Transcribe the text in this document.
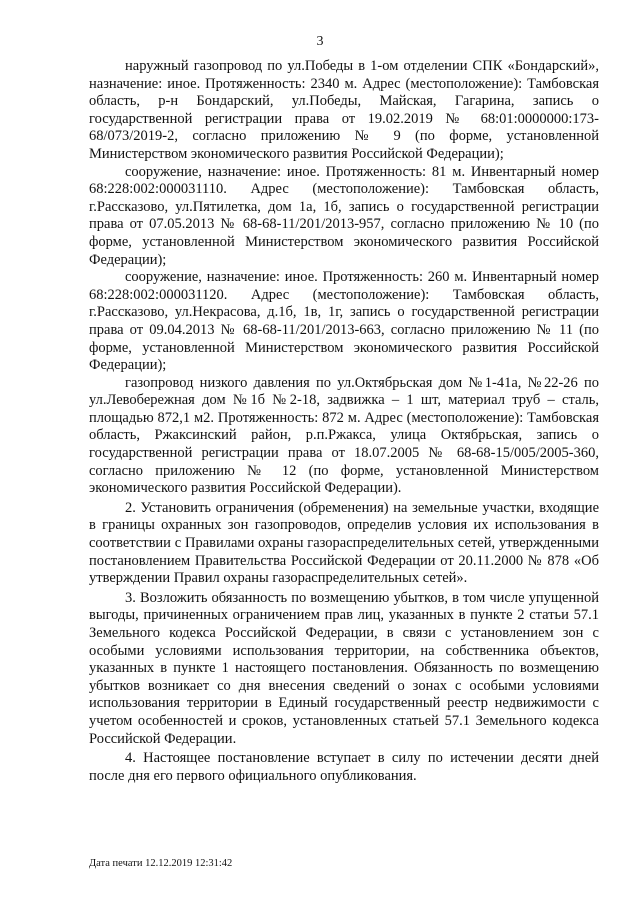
3

наружный газопровод по ул.Победы в 1-ом отделении СПК «Бондарский», назначение: иное. Протяженность: 2340 м. Адрес (местоположение): Тамбовская область, р-н Бондарский, ул.Победы, Майская, Гагарина, запись о государственной регистрации права от 19.02.2019 № 68:01:0000000:173-68/073/2019-2, согласно приложению № 9 (по форме, установленной Министерством экономического развития Российской Федерации);

сооружение, назначение: иное. Протяженность: 81 м. Инвентарный номер 68:228:002:000031110. Адрес (местоположение): Тамбовская область, г.Рассказово, ул.Пятилетка, дом 1а, 1б, запись о государственной регистрации права от 07.05.2013 № 68-68-11/201/2013-957, согласно приложению № 10 (по форме, установленной Министерством экономического развития Российской Федерации);

сооружение, назначение: иное. Протяженность: 260 м. Инвентарный номер 68:228:002:000031120. Адрес (местоположение): Тамбовская область, г.Рассказово, ул.Некрасова, д.1б, 1в, 1г, запись о государственной регистрации права от 09.04.2013 № 68-68-11/201/2013-663, согласно приложению № 11 (по форме, установленной Министерством экономического развития Российской Федерации);

газопровод низкого давления по ул.Октябрьская дом №1-41а, №22-26 по ул.Левобережная дом №1б №2-18, задвижка – 1 шт, материал труб – сталь, площадью 872,1 м2. Протяженность: 872 м. Адрес (местоположение): Тамбовская область, Ржаксинский район, р.п.Ржакса, улица Октябрьская, запись о государственной регистрации права от 18.07.2005 № 68-68-15/005/2005-360, согласно приложению № 12 (по форме, установленной Министерством экономического развития Российской Федерации).

2. Установить ограничения (обременения) на земельные участки, входящие в границы охранных зон газопроводов, определив условия их использования в соответствии с Правилами охраны газораспределительных сетей, утвержденными постановлением Правительства Российской Федерации от 20.11.2000 № 878 «Об утверждении Правил охраны газораспределительных сетей».

3. Возложить обязанность по возмещению убытков, в том числе упущенной выгоды, причиненных ограничением прав лиц, указанных в пункте 2 статьи 57.1 Земельного кодекса Российской Федерации, в связи с установлением зон с особыми условиями использования территории, на собственника объектов, указанных в пункте 1 настоящего постановления. Обязанность по возмещению убытков возникает со дня внесения сведений о зонах с особыми условиями использования территории в Единый государственный реестр недвижимости с учетом особенностей и сроков, установленных статьей 57.1 Земельного кодекса Российской Федерации.

4. Настоящее постановление вступает в силу по истечении десяти дней после дня его первого официального опубликования.

Дата печати 12.12.2019 12:31:42
